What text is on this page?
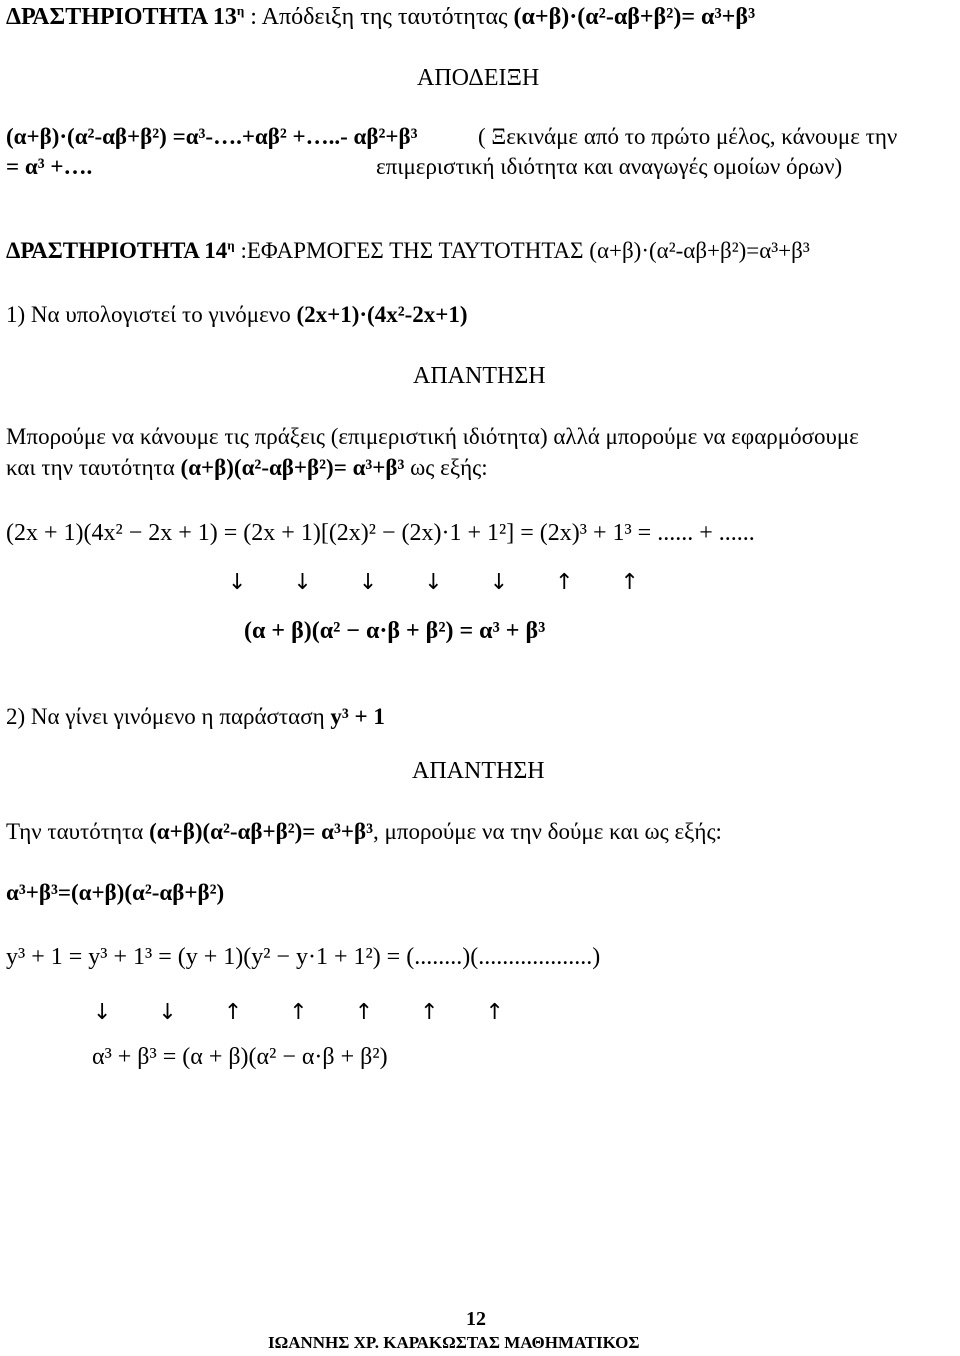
ΔΡΑΣΤΗΡΙΟΤΗΤΑ $13^\eta$ : Απόδειξη της ταυτότητας (α+β)·(α²-αβ+β²)= α³+β³
ΑΠΟΔΕΙΞΗ
(α+β)·(α²-αβ+β²) =α³-….+αβ² +…..- αβ²+β³
= α³ +….
( Ξεκινάμε από το πρώτο μέλος, κάνουμε την
επιμεριστική ιδιότητα και αναγωγές ομοίων όρων)
ΔΡΑΣΤΗΡΙΟΤΗΤΑ $14^\eta$ :ΕΦΑΡΜΟΓΕΣ ΤΗΣ ΤΑΥΤΟΤΗΤΑΣ (α+β)·(α²-αβ+β²)=α³+β³
1) Να υπολογιστεί το γινόμενο (2x+1)·(4x²-2x+1)
ΑΠΑΝΤΗΣΗ
Μπορούμε να κάνουμε τις πράξεις (επιμεριστική ιδιότητα) αλλά μπορούμε να εφαρμόσουμε
και την ταυτότητα (α+β)(α²-αβ+β²)= α³+β³ ως εξής:
(2x + 1)(4x² − 2x + 1) = (2x + 1)[(2x)² − (2x)·1 + 1²] = (2x)³ + 1³ = ...... + ......
↓ ↓ ↓ ↓ ↓ ↑ ↑
(α + β)(α² − α·β + β²) = α³ + β³
2) Να γίνει γινόμενο η παράσταση y³ + 1
ΑΠΑΝΤΗΣΗ
Την ταυτότητα (α+β)(α²-αβ+β²)= α³+β³, μπορούμε να την δούμε και ως εξής:
α³+β³=(α+β)(α²-αβ+β²)
y³ + 1 = y³ + 1³ = (y + 1)(y² − y·1 + 1²) = (........)(...................)
↓ ↓ ↑ ↑ ↑ ↑ ↑
α³ + β³ = (α + β)(α² − α·β + β²)
12
ΙΩΑΝΝΗΣ ΧΡ. ΚΑΡΑΚΩΣΤΑΣ ΜΑΘΗΜΑΤΙΚΟΣ
